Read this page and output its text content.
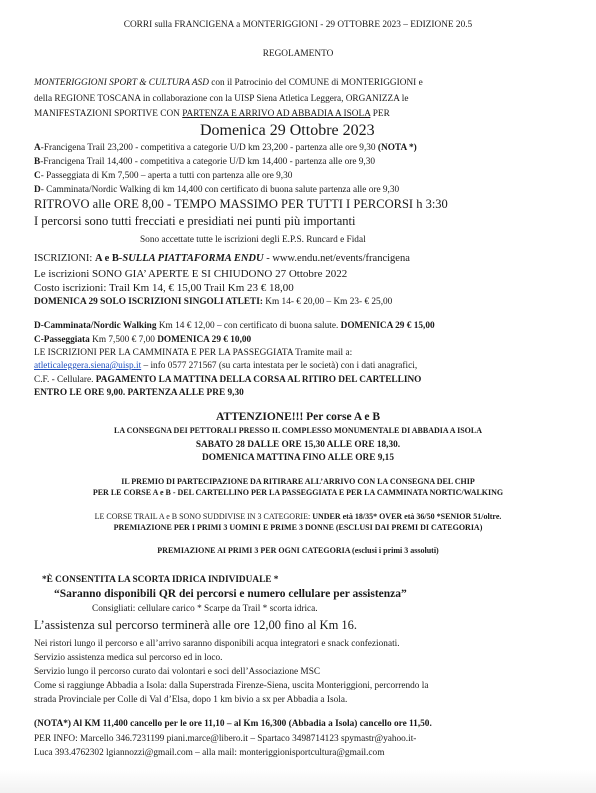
CORRI sulla FRANCIGENA a MONTERIGGIONI - 29 OTTOBRE 2023 – EDIZIONE 20.5
REGOLAMENTO
MONTERIGGIONI SPORT & CULTURA ASD con il Patrocinio del COMUNE di MONTERIGGIONI e
della REGIONE TOSCANA in collaborazione con la UISP Siena Atletica Leggera, ORGANIZZA le
MANIFESTAZIONI SPORTIVE CON PARTENZA E ARRIVO AD ABBADIA A ISOLA PER
Domenica 29 Ottobre 2023
A-Francigena Trail 23,200 - competitiva a categorie U/D km 23,200 - partenza alle ore 9,30 (NOTA *)
B-Francigena Trail 14,400 - competitiva a categorie U/D km 14,400 - partenza alle ore 9,30
C- Passeggiata di Km 7,500 – aperta a tutti con partenza alle ore 9,30
D- Camminata/Nordic Walking di km 14,400 con certificato di buona salute partenza alle ore 9,30
RITROVO alle ORE 8,00 - TEMPO MASSIMO PER TUTTI I PERCORSI h 3:30
I percorsi sono tutti frecciati e presidiati nei punti più importanti
Sono accettate tutte le iscrizioni degli E.P.S. Runcard e Fidal
ISCRIZIONI: A e B-SULLA PIATTAFORMA ENDU - www.endu.net/events/francigena
Le iscrizioni SONO GIA’ APERTE E SI CHIUDONO 27 Ottobre 2022
Costo iscrizioni: Trail Km 14, € 15,00 Trail Km 23 € 18,00
DOMENICA 29 SOLO ISCRIZIONI SINGOLI ATLETI: Km 14- € 20,00 – Km 23- € 25,00
D-Camminata/Nordic Walking Km 14 € 12,00 – con certificato di buona salute. DOMENICA 29 € 15,00
C-Passeggiata Km 7,500 € 7,00 DOMENICA 29 € 10,00
LE ISCRIZIONI PER LA CAMMINATA E PER LA PASSEGGIATA Tramite mail a:
atleticaleggera.siena@uisp.it – info 0577 271567 (su carta intestata per le società) con i dati anagrafici,
C.F. - Cellulare. PAGAMENTO LA MATTINA DELLA CORSA AL RITIRO DEL CARTELLINO
ENTRO LE ORE 9,00. PARTENZA ALLE PRE 9,30
ATTENZIONE!!! Per corse A e B
LA CONSEGNA DEI PETTORALI PRESSO IL COMPLESSO MONUMENTALE DI ABBADIA A ISOLA
SABATO 28 DALLE ORE 15,30 ALLE ORE 18,30.
DOMENICA MATTINA FINO ALLE ORE 9,15
IL PREMIO DI PARTECIPAZIONE DA RITIRARE ALL’ARRIVO CON LA CONSEGNA DEL CHIP
PER LE CORSE A e B - DEL CARTELLINO PER LA PASSEGGIATA E PER LA CAMMINATA NORTIC/WALKING
LE CORSE TRAIL A e B SONO SUDDIVISE IN 3 CATEGORIE: UNDER età 18/35* OVER età 36/50 *SENIOR 51/oltre.
PREMIAZIONE PER I PRIMI 3 UOMINI E PRIME 3 DONNE (ESCLUSI DAI PREMI DI CATEGORIA)
PREMIAZIONE AI PRIMI 3 PER OGNI CATEGORIA (esclusi i primi 3 assoluti)
*È CONSENTITA LA SCORTA IDRICA INDIVIDUALE *
“Saranno disponibili QR dei percorsi e numero cellulare per assistenza”
Consigliati: cellulare carico * Scarpe da Trail * scorta idrica.
L’assistenza sul percorso terminerà alle ore 12,00 fino al Km 16.
Nei ristori lungo il percorso e all’arrivo saranno disponibili acqua integratori e snack confezionati.
Servizio assistenza medica sul percorso ed in loco.
Servizio lungo il percorso curato dai volontari e soci dell’Associazione MSC
Come si raggiunge Abbadia a Isola: dalla Superstrada Firenze-Siena, uscita Monteriggioni, percorrendo la
strada Provinciale per Colle di Val d’Elsa, dopo 1 km bivio a sx per Abbadia a Isola.
(NOTA*) Al KM 11,400 cancello per le ore 11,10 – al Km 16,300 (Abbadia a Isola) cancello ore 11,50.
PER INFO: Marcello 346.7231199 piani.marce@libero.it – Spartaco 3498714123 spymastr@yahoo.it-
Luca 393.4762302 lgiannozzi@gmail.com – alla mail: monteriggionisportcultura@gmail.com
